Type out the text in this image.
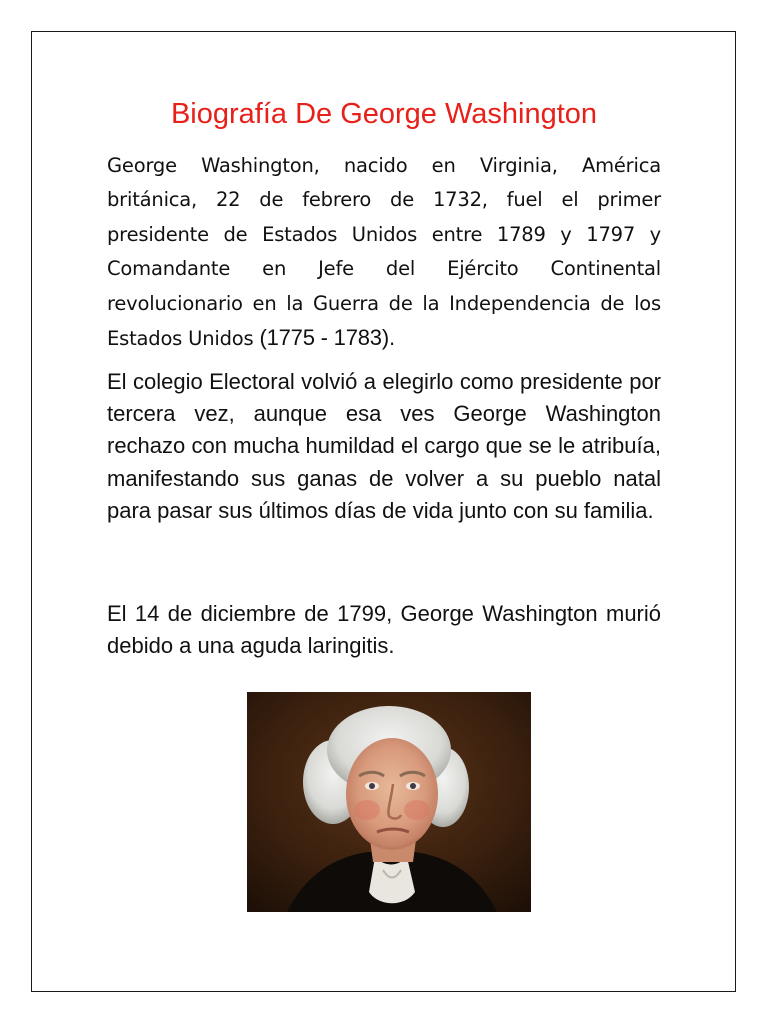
Biografía De George Washington

George Washington, nacido en Virginia, América británica, 22 de febrero de 1732, fuel el primer presidente de Estados Unidos entre 1789 y 1797 y Comandante en Jefe del Ejército Continental revolucionario en la Guerra de la Independencia de los Estados Unidos (1775 - 1783).

El colegio Electoral volvió a elegirlo como presidente por tercera vez, aunque esa ves George Washington rechazo con mucha humildad el cargo que se le atribuía, manifestando sus ganas de volver a su pueblo natal para pasar sus últimos días de vida junto con su familia.

El 14 de diciembre de 1799, George Washington murió debido a una aguda laringitis.
